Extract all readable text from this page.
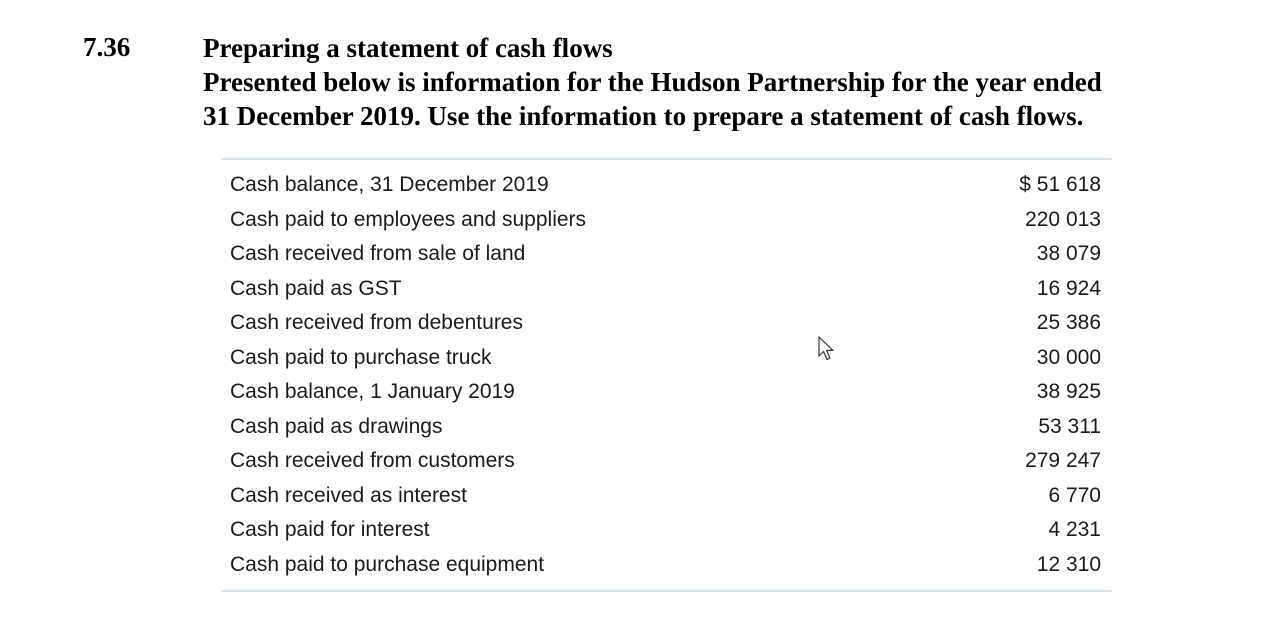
7.36	Preparing a statement of cash flows
Presented below is information for the Hudson Partnership for the year ended
31 December 2019. Use the information to prepare a statement of cash flows.
Cash balance, 31 December 2019	$ 51 618
Cash paid to employees and suppliers	220 013
Cash received from sale of land	38 079
Cash paid as GST	16 924
Cash received from debentures	25 386
Cash paid to purchase truck	30 000
Cash balance, 1 January 2019	38 925
Cash paid as drawings	53 311
Cash received from customers	279 247
Cash received as interest	6 770
Cash paid for interest	4 231
Cash paid to purchase equipment	12 310
